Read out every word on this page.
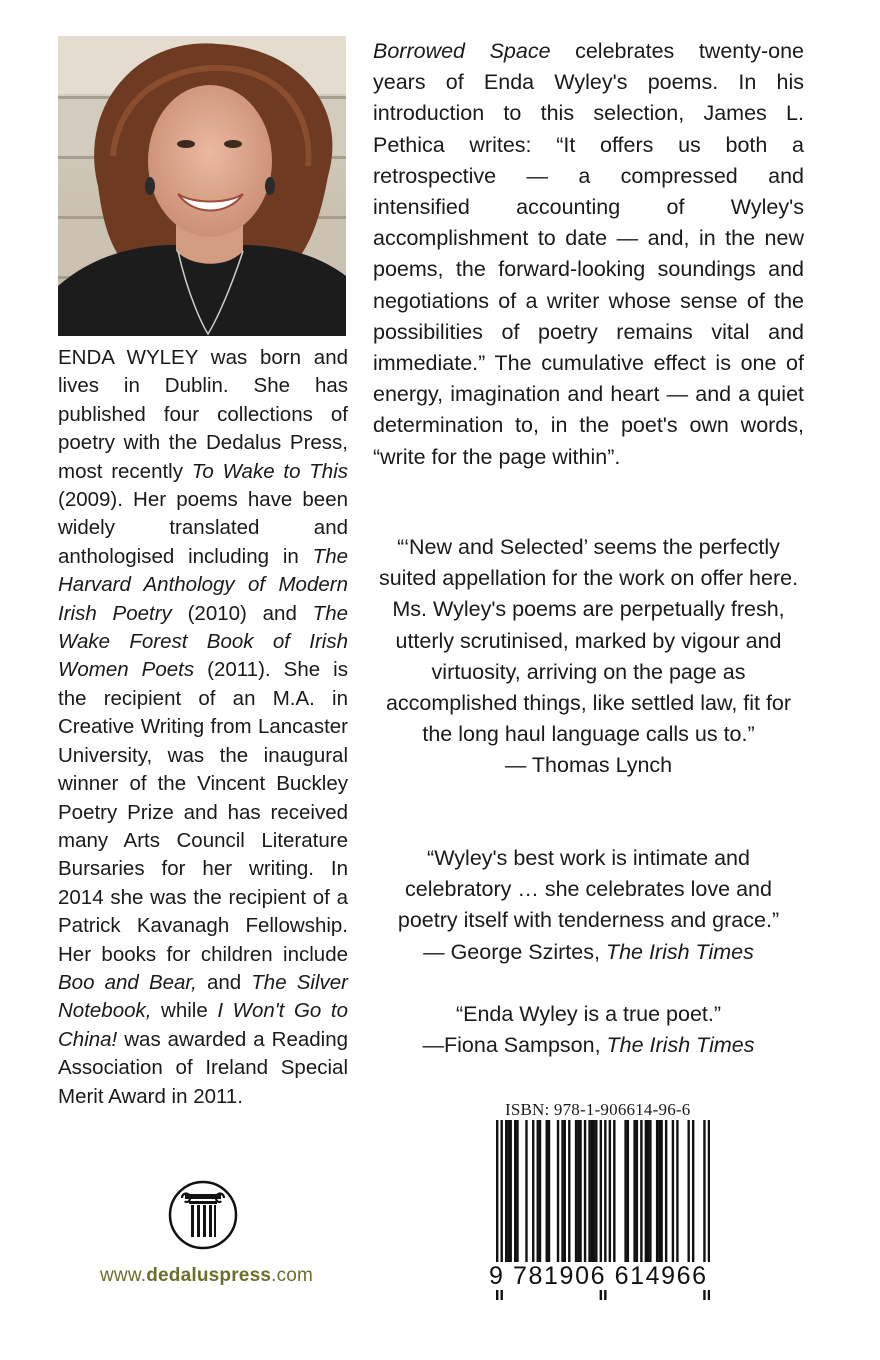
ENDA WYLEY was born and lives in Dublin. She has published four collections of poetry with the Dedalus Press, most recently To Wake to This (2009). Her poems have been widely translated and anthologised including in The Harvard Anthology of Modern Irish Poetry (2010) and The Wake Forest Book of Irish Women Poets (2011). She is the recipient of an M.A. in Creative Writing from Lancaster University, was the inaugural winner of the Vincent Buckley Poetry Prize and has received many Arts Council Literature Bursaries for her writing. In 2014 she was the recipient of a Patrick Kavanagh Fellowship. Her books for children include Boo and Bear, and The Silver Notebook, while I Won't Go to China! was awarded a Reading Association of Ireland Special Merit Award in 2011.
Borrowed Space celebrates twenty-one years of Enda Wyley's poems. In his introduction to this selection, James L. Pethica writes: “It offers us both a retrospective — a compressed and intensified accounting of Wyley's accomplishment to date — and, in the new poems, the forward-looking soundings and negotiations of a writer whose sense of the possibilities of poetry remains vital and immediate.” The cumulative effect is one of energy, imagination and heart — and a quiet determination to, in the poet's own words, “write for the page within”.

“‘New and Selected’ seems the perfectly suited appellation for the work on offer here. Ms. Wyley's poems are perpetually fresh, utterly scrutinised, marked by vigour and virtuosity, arriving on the page as accomplished things, like settled law, fit for the long haul language calls us to.”

— Thomas Lynch

“Wyley's best work is intimate and celebratory … she celebrates love and poetry itself with tenderness and grace.”

— George Szirtes, The Irish Times

“Enda Wyley is a true poet.”

—Fiona Sampson, The Irish Times

ISBN: 978-1-906614-96-6
9 781906 614966
www.dedaluspress.com
